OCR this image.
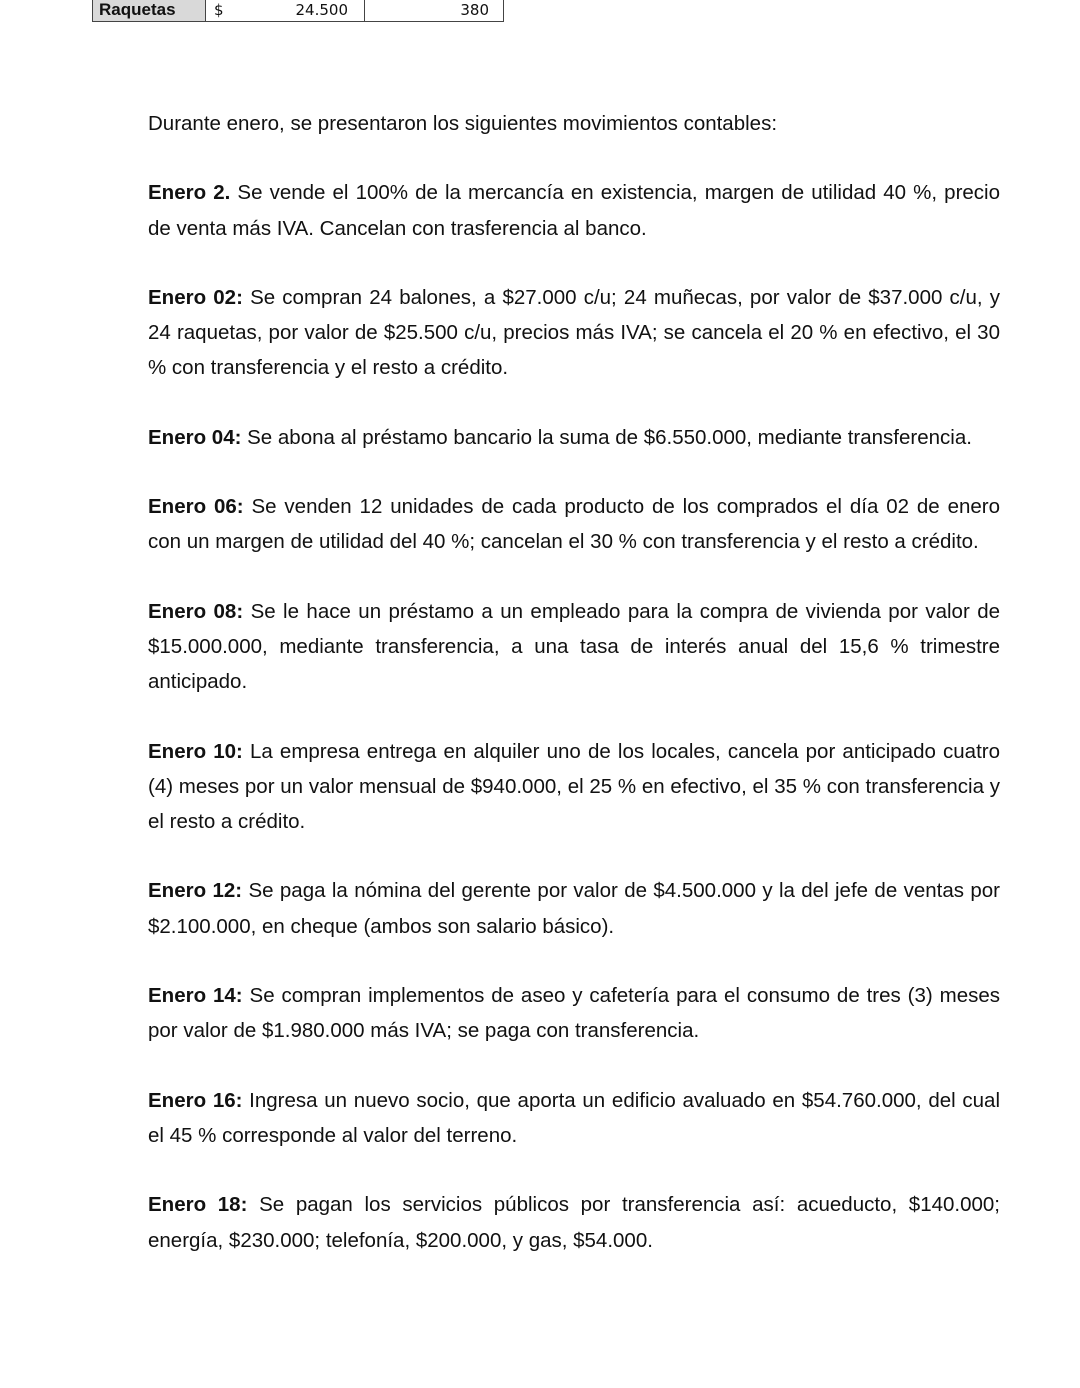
Raquetas	$	24.500	380

Durante enero, se presentaron los siguientes movimientos contables:

Enero 2. Se vende el 100% de la mercancía en existencia, margen de utilidad 40 %, precio de venta más IVA. Cancelan con trasferencia al banco.

Enero 02: Se compran 24 balones, a $27.000 c/u; 24 muñecas, por valor de $37.000 c/u, y 24 raquetas, por valor de $25.500 c/u, precios más IVA; se cancela el 20 % en efectivo, el 30 % con transferencia y el resto a crédito.

Enero 04: Se abona al préstamo bancario la suma de $6.550.000, mediante transferencia.

Enero 06: Se venden 12 unidades de cada producto de los comprados el día 02 de enero con un margen de utilidad del 40 %; cancelan el 30 % con transferencia y el resto a crédito.

Enero 08: Se le hace un préstamo a un empleado para la compra de vivienda por valor de $15.000.000, mediante transferencia, a una tasa de interés anual del 15,6 % trimestre anticipado.

Enero 10: La empresa entrega en alquiler uno de los locales, cancela por anticipado cuatro (4) meses por un valor mensual de $940.000, el 25 % en efectivo, el 35 % con transferencia y el resto a crédito.

Enero 12: Se paga la nómina del gerente por valor de $4.500.000 y la del jefe de ventas por $2.100.000, en cheque (ambos son salario básico).

Enero 14: Se compran implementos de aseo y cafetería para el consumo de tres (3) meses por valor de $1.980.000 más IVA; se paga con transferencia.

Enero 16: Ingresa un nuevo socio, que aporta un edificio avaluado en $54.760.000, del cual el 45 % corresponde al valor del terreno.

Enero 18: Se pagan los servicios públicos por transferencia así: acueducto, $140.000; energía, $230.000; telefonía, $200.000, y gas, $54.000.
